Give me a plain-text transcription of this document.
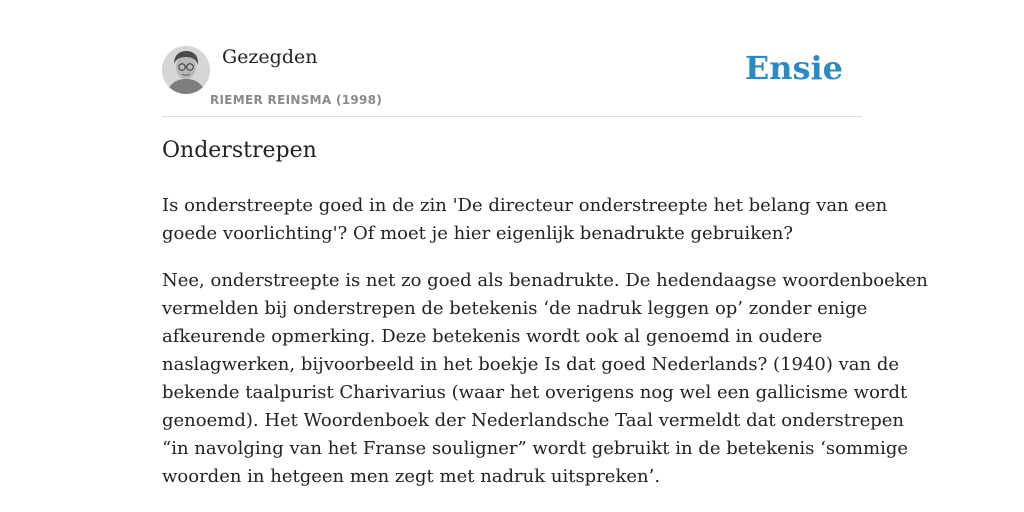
Gezegden
RIEMER REINSMA (1998)
Ensie
Onderstrepen

Is onderstreepte goed in de zin 'De directeur onderstreepte het belang van een
goede voorlichting'? Of moet je hier eigenlijk benadrukte gebruiken?

Nee, onderstreepte is net zo goed als benadrukte. De hedendaagse woordenboeken
vermelden bij onderstrepen de betekenis ‘de nadruk leggen op’ zonder enige
afkeurende opmerking. Deze betekenis wordt ook al genoemd in oudere
naslagwerken, bijvoorbeeld in het boekje Is dat goed Nederlands? (1940) van de
bekende taalpurist Charivarius (waar het overigens nog wel een gallicisme wordt
genoemd). Het Woordenboek der Nederlandsche Taal vermeldt dat onderstrepen
“in navolging van het Franse souligner” wordt gebruikt in de betekenis ‘sommige
woorden in hetgeen men zegt met nadruk uitspreken’.
